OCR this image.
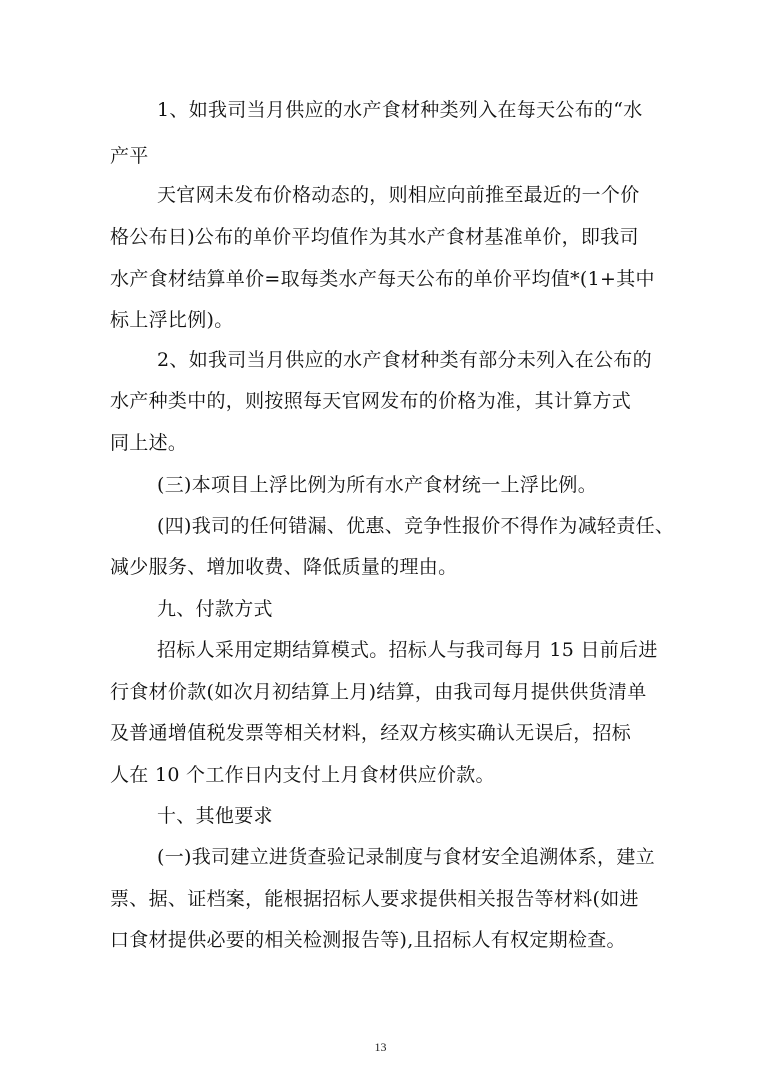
1、如我司当月供应的水产食材种类列入在每天公布的“水
产平
天官网未发布价格动态的，则相应向前推至最近的一个价
格公布日)公布的单价平均值作为其水产食材基准单价，即我司
水产食材结算单价=取每类水产每天公布的单价平均值*(1+其中
标上浮比例)。
2、如我司当月供应的水产食材种类有部分未列入在公布的
水产种类中的，则按照每天官网发布的价格为准，其计算方式
同上述。
(三)本项目上浮比例为所有水产食材统一上浮比例。
(四)我司的任何错漏、优惠、竞争性报价不得作为减轻责任、
减少服务、增加收费、降低质量的理由。
九、付款方式
招标人采用定期结算模式。招标人与我司每月 15 日前后进
行食材价款(如次月初结算上月)结算，由我司每月提供供货清单
及普通增值税发票等相关材料，经双方核实确认无误后，招标
人在 10 个工作日内支付上月食材供应价款。
十、其他要求
(一)我司建立进货查验记录制度与食材安全追溯体系，建立
票、据、证档案，能根据招标人要求提供相关报告等材料(如进
口食材提供必要的相关检测报告等),且招标人有权定期检查。
13
